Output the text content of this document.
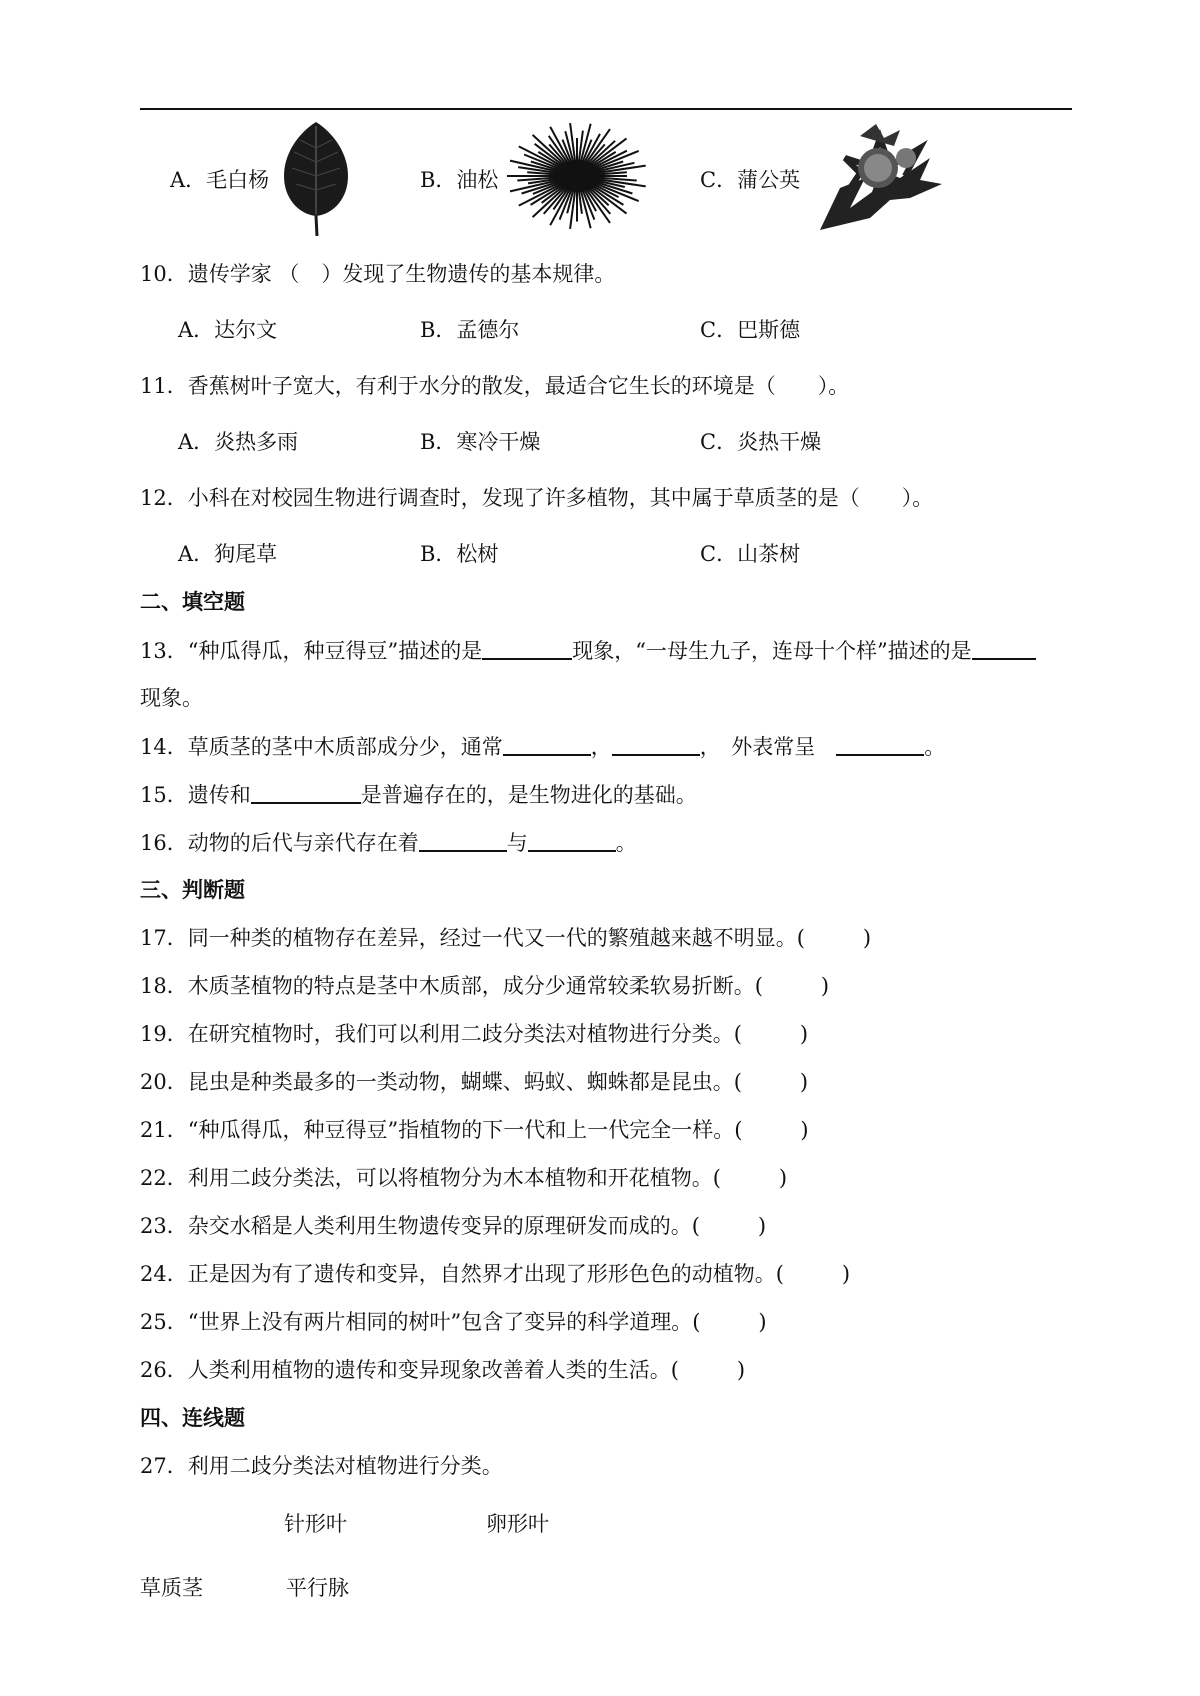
A．毛白杨	B．油松	C．蒲公英
10．遗传学家 （ ）发现了生物遗传的基本规律。
A．达尔文	B．孟德尔	C．巴斯德
11．香蕉树叶子宽大，有利于水分的散发，最适合它生长的环境是（　　）。
A．炎热多雨	B．寒冷干燥	C．炎热干燥
12．小科在对校园生物进行调查时，发现了许多植物，其中属于草质茎的是（　　）。
A．狗尾草	B．松树	C．山茶树
二、填空题
13．“种瓜得瓜，种豆得豆”描述的是	现象，“一母生九子，连母十个样”描述的是
现象。
14．草质茎的茎中木质部成分少，通常	，	，　外表常呈　	。
15．遗传和	是普遍存在的，是生物进化的基础。
16．动物的后代与亲代存在着	与	。
三、判断题
17．同一种类的植物存在差异，经过一代又一代的繁殖越来越不明显。(	)
18．木质茎植物的特点是茎中木质部，成分少通常较柔软易折断。(	)
19．在研究植物时，我们可以利用二歧分类法对植物进行分类。(	)
20．昆虫是种类最多的一类动物，蝴蝶、蚂蚁、蜘蛛都是昆虫。(	)
21．“种瓜得瓜，种豆得豆”指植物的下一代和上一代完全一样。(	)
22．利用二歧分类法，可以将植物分为木本植物和开花植物。(	)
23．杂交水稻是人类利用生物遗传变异的原理研发而成的。(	)
24．正是因为有了遗传和变异，自然界才出现了形形色色的动植物。(	)
25．“世界上没有两片相同的树叶”包含了变异的科学道理。(	)
26．人类利用植物的遗传和变异现象改善着人类的生活。(	)
四、连线题
27．利用二歧分类法对植物进行分类。
针形叶	卵形叶
草质茎	平行脉
